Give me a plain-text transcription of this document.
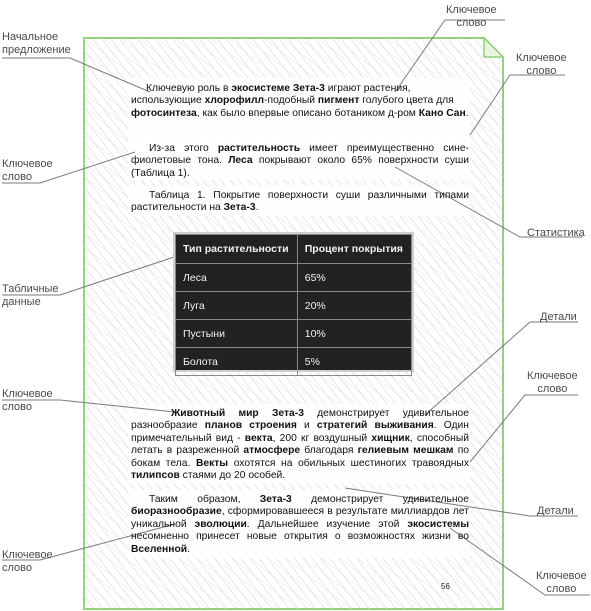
Начальное
предложение
Ключевое
слово
Ключевое
слово
Ключевое
слово
Статистика
Табличные
данные
Детали
Ключевое
слово
Ключевое
слово
Детали
Ключевое
слово
Ключевое
слово

Ключевую роль в экосистеме Зета-3 играют растения, использующие хлорофилл-подобный пигмент голубого цвета для фотосинтеза, как было впервые описано ботаником д-ром Кано Сан.

Из-за этого растительность имеет преимущественно сине-фиолетовые тона. Леса покрывают около 65% поверхности суши (Таблица 1).

Таблица 1. Покрытие поверхности суши различными типами растительности на Зета-3.

Тип растительности	Процент покрытия
Леса	65%
Луга	20%
Пустыни	10%
Болота	5%

Животный мир Зета-3 демонстрирует удивительное разнообразие планов строения и стратегий выживания. Один примечательный вид - векта, 200 кг воздушный хищник, способный летать в разреженной атмосфере благодаря гелиевым мешкам по бокам тела. Векты охотятся на обильных шестиногих травоядных тилипсов стаями до 20 особей.

Таким образом, Зета-3 демонстрирует удивительное биоразнообразие, сформировавшееся в результате миллиардов лет уникальной эволюции. Дальнейшее изучение этой экосистемы несомненно принесет новые открытия о возможностях жизни во Вселенной.

56
